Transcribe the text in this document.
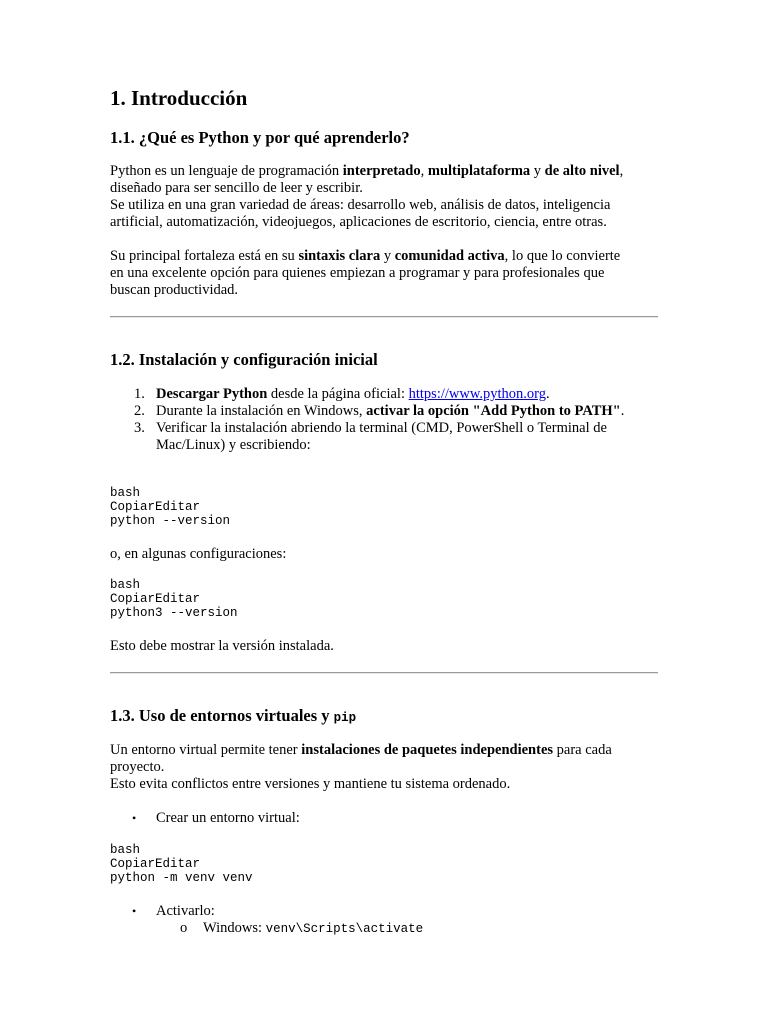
1. Introducción
1.1. ¿Qué es Python y por qué aprenderlo?

Python es un lenguaje de programación interpretado, multiplataforma y de alto nivel,
diseñado para ser sencillo de leer y escribir.
Se utiliza en una gran variedad de áreas: desarrollo web, análisis de datos, inteligencia
artificial, automatización, videojuegos, aplicaciones de escritorio, ciencia, entre otras.

Su principal fortaleza está en su sintaxis clara y comunidad activa, lo que lo convierte
en una excelente opción para quienes empiezan a programar y para profesionales que
buscan productividad.

1.2. Instalación y configuración inicial
1. Descargar Python desde la página oficial: https://www.python.org.
2. Durante la instalación en Windows, activar la opción "Add Python to PATH".
3. Verificar la instalación abriendo la terminal (CMD, PowerShell o Terminal de Mac/Linux) y escribiendo:
bash
CopiarEditar
python --version

o, en algunas configuraciones:

bash
CopiarEditar
python3 --version

Esto debe mostrar la versión instalada.

1.3. Uso de entornos virtuales y pip

Un entorno virtual permite tener instalaciones de paquetes independientes para cada
proyecto.
Esto evita conflictos entre versiones y mantiene tu sistema ordenado.

• Crear un entorno virtual:
bash
CopiarEditar
python -m venv venv
• Activarlo:
o Windows: venv\Scripts\activate
